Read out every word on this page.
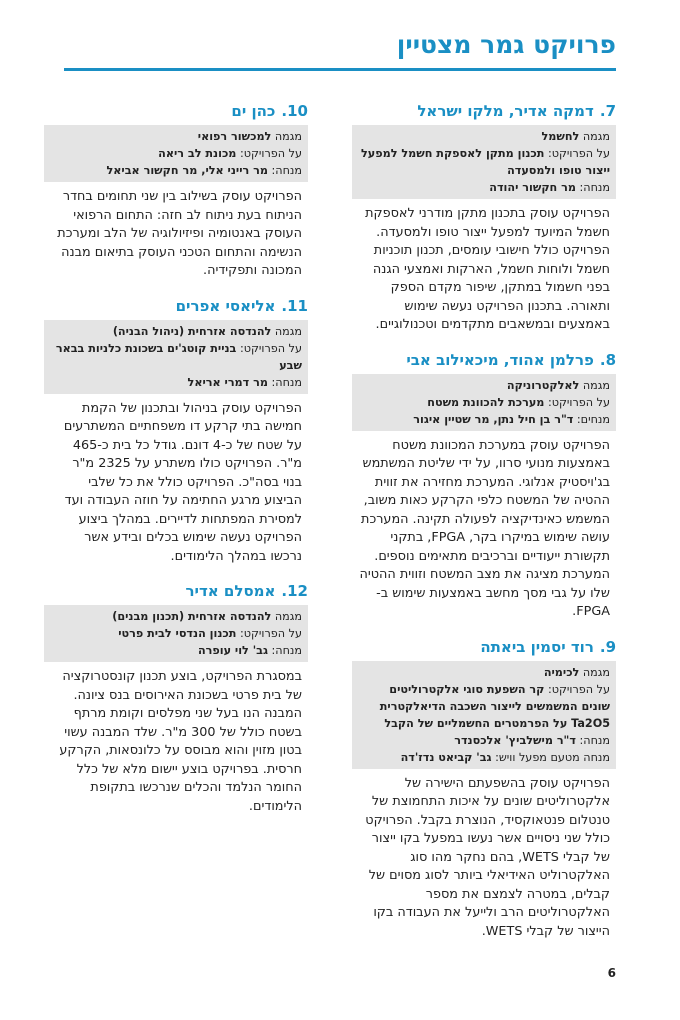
פרויקט גמר מצטיין
7.
דמקה אדיר, מלקו ישראל
מגמה לחשמל
על הפרויקט: תכנון מתקן לאספקת חשמל למפעל ייצור טופו ולמסעדה
מנחה: מר חקשור יהודה
הפרויקט עוסק בתכנון מתקן מודרני לאספקת חשמל המיועד למפעל ייצור טופו ולמסעדה. הפרויקט כולל חישובי עומסים, תכנון תוכניות חשמל ולוחות חשמל, הארקות ואמצעי הגנה בפני חשמול במתקן, שיפור מקדם הספק ותאורה. בתכנון הפרויקט נעשה שימוש באמצעים ובמשאבים מתקדמים וטכנולוגיים.
8.
פרלמן אהוד, מיכאילוב אבי
מגמה לאלקטרוניקה
על הפרויקט: מערכת להכוונת משטח
מנחים: ד"ר בן חיל נתן, מר שטיין איגור
הפרויקט עוסק במערכת המכוונת משטח באמצעות מנועי סרוו, על ידי שליטת המשתמש בג'ויסטיק אנלוגי. המערכת מחזירה את זווית ההטיה של המשטח כלפי הקרקע כאות משוב, המשמש כאינדיקציה לפעולה תקינה. המערכת עושה שימוש במיקרו בקר, FPGA, בתקני תקשורת ייעודיים וברכיבים מתאימים נוספים. המערכת מציגה את מצב המשטח וזווית ההטיה שלו על גבי מסך מחשב באמצעות שימוש ב-FPGA.
9.
רוד יסמין ביאתה
מגמה לכימיה
על הפרויקט: קר השפעת סוגי אלקטרוליטים שונים המשמשים לייצור השכבה הדיאלקטרית Ta2O5 על הפרמטרים החשמליים של הקבל
מנחה: ד"ר מישלביץ' אלכסנדר
מנחה מטעם מפעל וויש: גב' קביאט נדז'דה
הפרויקט עוסק בהשפעתם הישירה של אלקטרוליטים שונים על איכות התחמוצת של טנטלום פנטאוקסיד, הנוצרת בקבל. הפרויקט כולל שני ניסויים אשר נעשו במפעל בקו ייצור של קבלי WETS, בהם נחקר מהו סוג האלקטרוליט האידיאלי ביותר לסוג מסוים של קבלים, במטרה לצמצם את מספר האלקטרוליטים הרב ולייעל את העבודה בקו הייצור של קבלי WETS.
10.
כהן ים
מגמה למכשור רפואי
על הפרויקט: מכונת לב ריאה
מנחה: מר רייני אלי, מר חקשור אביאל
הפרויקט עוסק בשילוב בין שני תחומים בחדר הניתוח בעת ניתוח לב חזה: התחום הרפואי העוסק באנטומיה ופיזיולוגיה של הלב ומערכת הנשימה והתחום הטכני העוסק בתיאום מבנה המכונה ותפקידיה.
11.
אליאסי אפרים
מגמה להנדסה אזרחית (ניהול הבניה)
על הפרויקט: בניית קוטג'ים בשכונת כלניות בבאר שבע
מנחה: מר דמרי אריאל
הפרויקט עוסק בניהול ובתכנון של הקמת חמישה בתי קרקע דו משפחתיים המשתרעים על שטח של כ-4 דונם. גודל כל בית כ-465 מ"ר. הפרויקט כולו משתרע על 2325 מ"ר בנוי בסה"כ. הפרויקט כולל את כל שלבי הביצוע מרגע החתימה על חוזה העבודה ועד למסירת המפתחות לדיירים. במהלך ביצוע הפרויקט נעשה שימוש בכלים ובידע אשר נרכשו במהלך הלימודים.
12.
אמסלם אדיר
מגמה להנדסה אזרחית (תכנון מבנים)
על הפרויקט: תכנון הנדסי לבית פרטי
מנחה: גב' לוי עופרה
במסגרת הפרויקט, בוצע תכנון קונסטרוקציה של בית פרטי בשכונת האירוסים בנס ציונה. המבנה הנו בעל שני מפלסים וקומת מרתף בשטח כולל של 300 מ"ר. שלד המבנה עשוי בטון מזוין והוא מבוסס על כלונסאות, הקרקע חרסית. בפרויקט בוצע יישום מלא של כלל החומר הנלמד והכלים שנרכשו בתקופת הלימודים.
6
